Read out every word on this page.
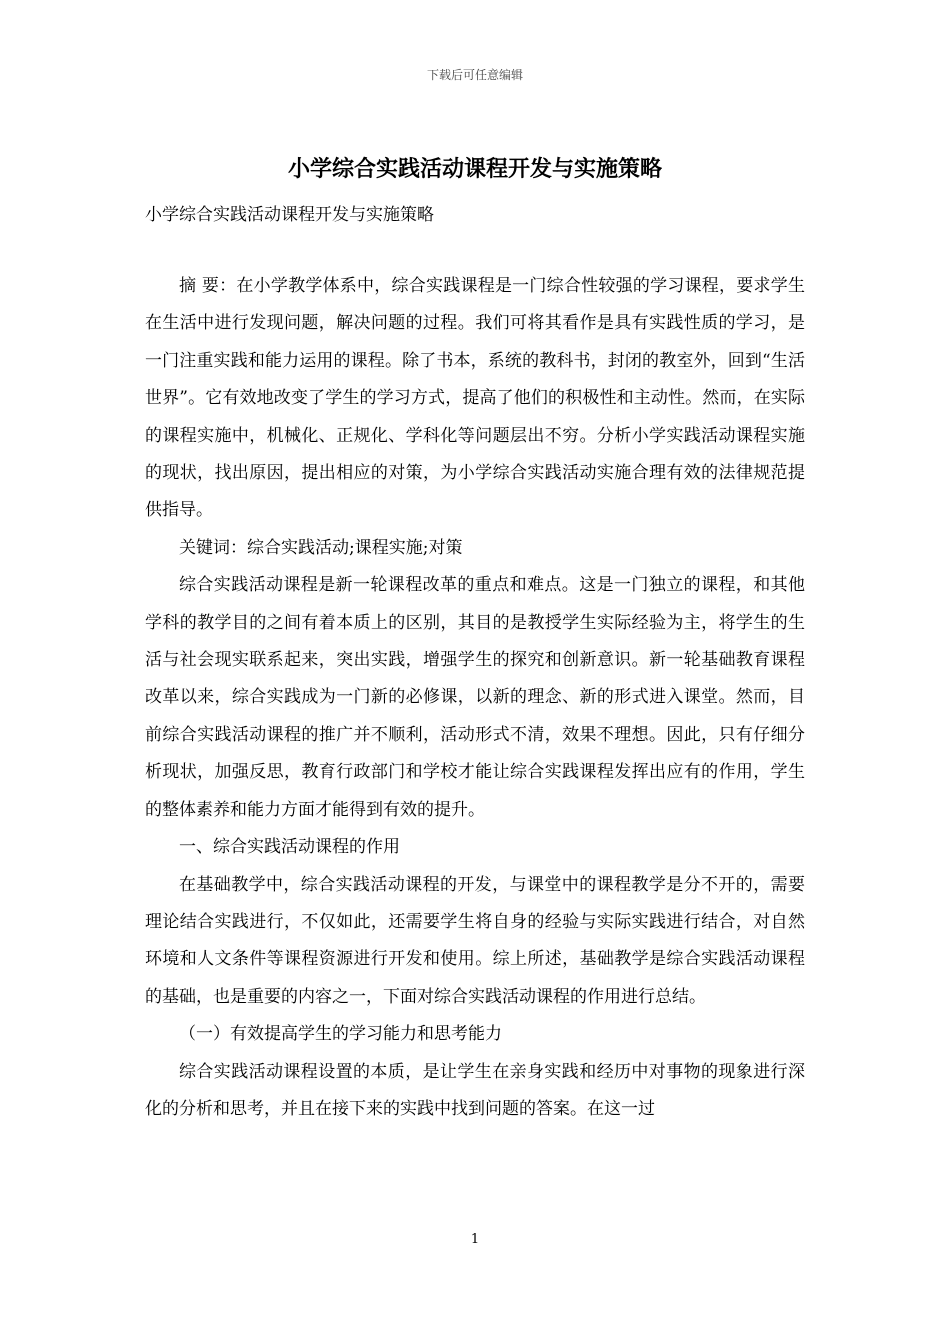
下载后可任意编辑
小学综合实践活动课程开发与实施策略
小学综合实践活动课程开发与实施策略

摘 要：在小学教学体系中，综合实践课程是一门综合性较强的学习课程，要求学生在生活中进行发现问题，解决问题的过程。我们可将其看作是具有实践性质的学习，是一门注重实践和能力运用的课程。除了书本，系统的教科书，封闭的教室外，回到“生活世界”。它有效地改变了学生的学习方式，提高了他们的积极性和主动性。然而，在实际的课程实施中，机械化、正规化、学科化等问题层出不穷。分析小学实践活动课程实施的现状，找出原因，提出相应的对策，为小学综合实践活动实施合理有效的法律规范提供指导。

关键词：综合实践活动;课程实施;对策

综合实践活动课程是新一轮课程改革的重点和难点。这是一门独立的课程，和其他学科的教学目的之间有着本质上的区别，其目的是教授学生实际经验为主，将学生的生活与社会现实联系起来，突出实践，增强学生的探究和创新意识。新一轮基础教育课程改革以来，综合实践成为一门新的必修课，以新的理念、新的形式进入课堂。然而，目前综合实践活动课程的推广并不顺利，活动形式不清，效果不理想。因此，只有仔细分析现状，加强反思，教育行政部门和学校才能让综合实践课程发挥出应有的作用，学生的整体素养和能力方面才能得到有效的提升。

一、综合实践活动课程的作用

在基础教学中，综合实践活动课程的开发，与课堂中的课程教学是分不开的，需要理论结合实践进行，不仅如此，还需要学生将自身的经验与实际实践进行结合，对自然环境和人文条件等课程资源进行开发和使用。综上所述，基础教学是综合实践活动课程的基础，也是重要的内容之一，下面对综合实践活动课程的作用进行总结。

（一）有效提高学生的学习能力和思考能力

综合实践活动课程设置的本质，是让学生在亲身实践和经历中对事物的现象进行深化的分析和思考，并且在接下来的实践中找到问题的答案。在这一过

1
